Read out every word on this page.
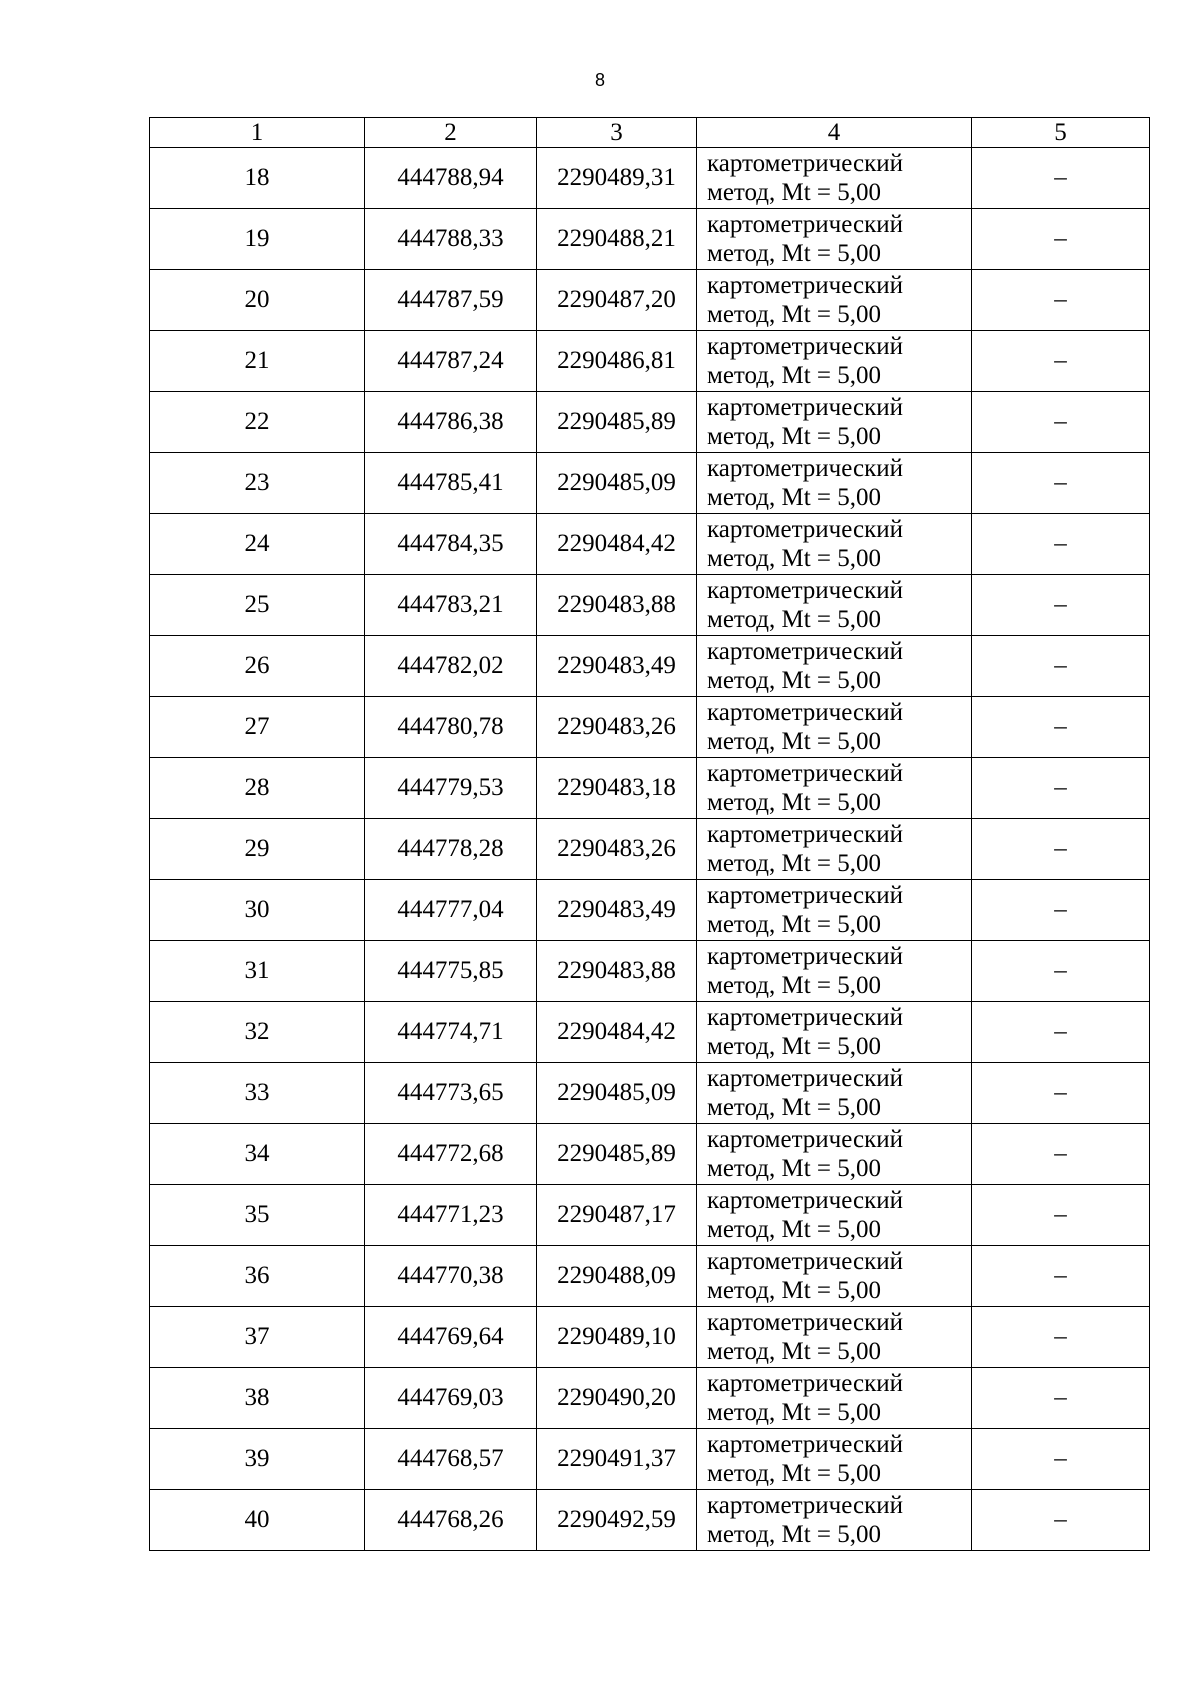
8
1	2	3	4	5
18	444788,94	2290489,31	картометрический
метод, Mt = 5,00	–
19	444788,33	2290488,21	картометрический
метод, Mt = 5,00	–
20	444787,59	2290487,20	картометрический
метод, Mt = 5,00	–
21	444787,24	2290486,81	картометрический
метод, Mt = 5,00	–
22	444786,38	2290485,89	картометрический
метод, Mt = 5,00	–
23	444785,41	2290485,09	картометрический
метод, Mt = 5,00	–
24	444784,35	2290484,42	картометрический
метод, Mt = 5,00	–
25	444783,21	2290483,88	картометрический
метод, Mt = 5,00	–
26	444782,02	2290483,49	картометрический
метод, Mt = 5,00	–
27	444780,78	2290483,26	картометрический
метод, Mt = 5,00	–
28	444779,53	2290483,18	картометрический
метод, Mt = 5,00	–
29	444778,28	2290483,26	картометрический
метод, Mt = 5,00	–
30	444777,04	2290483,49	картометрический
метод, Mt = 5,00	–
31	444775,85	2290483,88	картометрический
метод, Mt = 5,00	–
32	444774,71	2290484,42	картометрический
метод, Mt = 5,00	–
33	444773,65	2290485,09	картометрический
метод, Mt = 5,00	–
34	444772,68	2290485,89	картометрический
метод, Mt = 5,00	–
35	444771,23	2290487,17	картометрический
метод, Mt = 5,00	–
36	444770,38	2290488,09	картометрический
метод, Mt = 5,00	–
37	444769,64	2290489,10	картометрический
метод, Mt = 5,00	–
38	444769,03	2290490,20	картометрический
метод, Mt = 5,00	–
39	444768,57	2290491,37	картометрический
метод, Mt = 5,00	–
40	444768,26	2290492,59	картометрический
метод, Mt = 5,00	–
